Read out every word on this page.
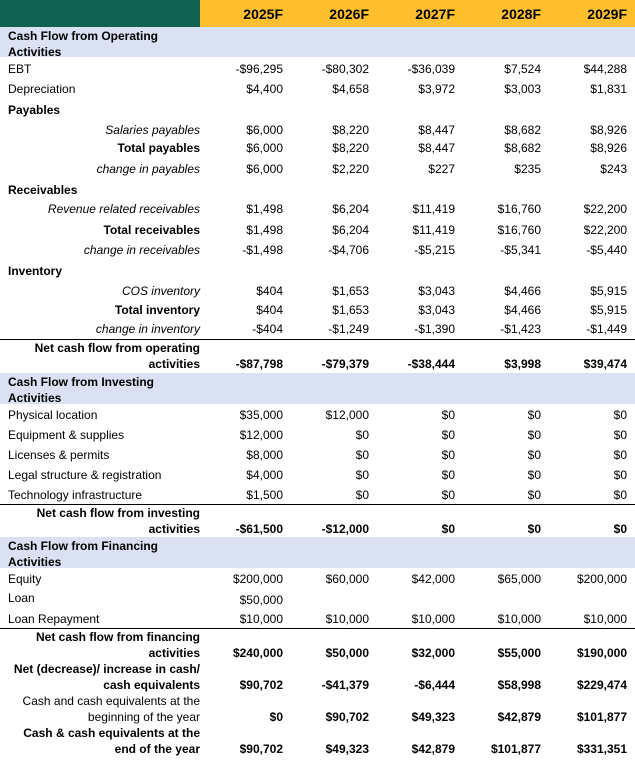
2025F	2026F	2027F	2028F	2029F
Cash Flow from Operating Activities
EBT	-$96,295	-$80,302	-$36,039	$7,524	$44,288
Depreciation	$4,400	$4,658	$3,972	$3,003	$1,831
Payables
Salaries payables	$6,000	$8,220	$8,447	$8,682	$8,926
Total payables	$6,000	$8,220	$8,447	$8,682	$8,926
change in payables	$6,000	$2,220	$227	$235	$243
Receivables
Revenue related receivables	$1,498	$6,204	$11,419	$16,760	$22,200
Total receivables	$1,498	$6,204	$11,419	$16,760	$22,200
change in receivables	-$1,498	-$4,706	-$5,215	-$5,341	-$5,440
Inventory
COS inventory	$404	$1,653	$3,043	$4,466	$5,915
Total inventory	$404	$1,653	$3,043	$4,466	$5,915
change in inventory	-$404	-$1,249	-$1,390	-$1,423	-$1,449
Net cash flow from operating
activities	-$87,798	-$79,379	-$38,444	$3,998	$39,474
Cash Flow from Investing Activities
Physical location	$35,000	$12,000	$0	$0	$0
Equipment & supplies	$12,000	$0	$0	$0	$0
Licenses & permits	$8,000	$0	$0	$0	$0
Legal structure & registration	$4,000	$0	$0	$0	$0
Technology infrastructure	$1,500	$0	$0	$0	$0
Net cash flow from investing
activities	-$61,500	-$12,000	$0	$0	$0
Cash Flow from Financing Activities
Equity	$200,000	$60,000	$42,000	$65,000	$200,000
Loan	$50,000
Loan Repayment	$10,000	$10,000	$10,000	$10,000	$10,000
Net cash flow from financing
activities	$240,000	$50,000	$32,000	$55,000	$190,000
Net (decrease)/ increase in cash/
cash equivalents	$90,702	-$41,379	-$6,444	$58,998	$229,474
Cash and cash equivalents at the
beginning of the year	$0	$90,702	$49,323	$42,879	$101,877
Cash & cash equivalents at the
end of the year	$90,702	$49,323	$42,879	$101,877	$331,351
